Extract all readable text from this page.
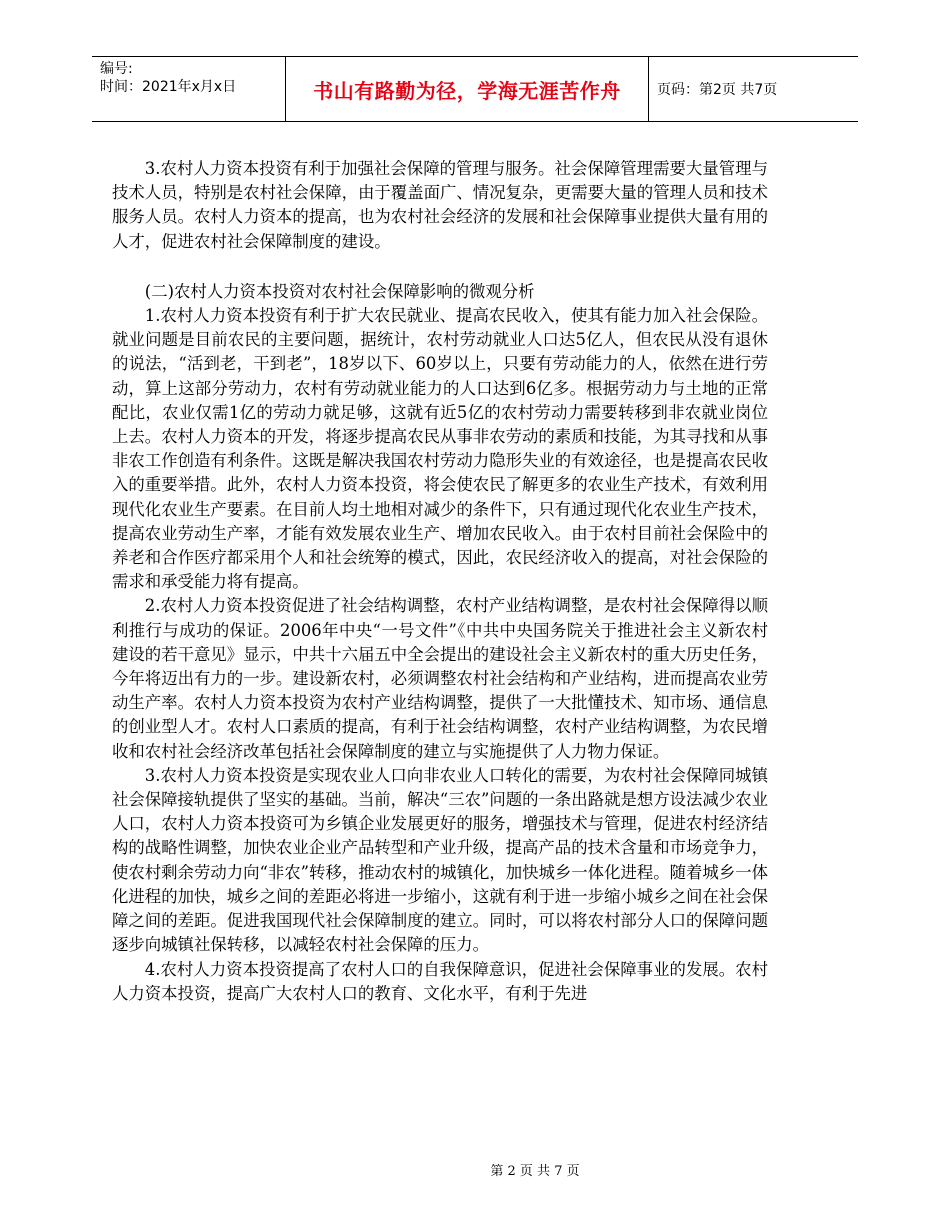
编号:
时间：2021年x月x日	书山有路勤为径，学海无涯苦作舟	页码：第2页 共7页

3.农村人力资本投资有利于加强社会保障的管理与服务。社会保障管理需要大量管理与技术人员，特别是农村社会保障，由于覆盖面广、情况复杂，更需要大量的管理人员和技术服务人员。农村人力资本的提高，也为农村社会经济的发展和社会保障事业提供大量有用的人才，促进农村社会保障制度的建设。

(二)农村人力资本投资对农村社会保障影响的微观分析

1.农村人力资本投资有利于扩大农民就业、提高农民收入，使其有能力加入社会保险。就业问题是目前农民的主要问题，据统计，农村劳动就业人口达5亿人，但农民从没有退休的说法，“活到老，干到老”，18岁以下、60岁以上，只要有劳动能力的人，依然在进行劳动，算上这部分劳动力，农村有劳动就业能力的人口达到6亿多。根据劳动力与土地的正常配比，农业仅需1亿的劳动力就足够，这就有近5亿的农村劳动力需要转移到非农就业岗位上去。农村人力资本的开发，将逐步提高农民从事非农劳动的素质和技能，为其寻找和从事非农工作创造有利条件。这既是解决我国农村劳动力隐形失业的有效途径，也是提高农民收入的重要举措。此外，农村人力资本投资，将会使农民了解更多的农业生产技术，有效利用现代化农业生产要素。在目前人均土地相对减少的条件下，只有通过现代化农业生产技术，提高农业劳动生产率，才能有效发展农业生产、增加农民收入。由于农村目前社会保险中的养老和合作医疗都采用个人和社会统筹的模式，因此，农民经济收入的提高，对社会保险的需求和承受能力将有提高。

2.农村人力资本投资促进了社会结构调整，农村产业结构调整，是农村社会保障得以顺利推行与成功的保证。2006年中央“一号文件”《中共中央国务院关于推进社会主义新农村建设的若干意见》显示，中共十六届五中全会提出的建设社会主义新农村的重大历史任务，今年将迈出有力的一步。建设新农村，必须调整农村社会结构和产业结构，进而提高农业劳动生产率。农村人力资本投资为农村产业结构调整，提供了一大批懂技术、知市场、通信息的创业型人才。农村人口素质的提高，有利于社会结构调整，农村产业结构调整，为农民增收和农村社会经济改革包括社会保障制度的建立与实施提供了人力物力保证。

3.农村人力资本投资是实现农业人口向非农业人口转化的需要，为农村社会保障同城镇社会保障接轨提供了坚实的基础。当前，解决“三农”问题的一条出路就是想方设法减少农业人口，农村人力资本投资可为乡镇企业发展更好的服务，增强技术与管理，促进农村经济结构的战略性调整，加快农业企业产品转型和产业升级，提高产品的技术含量和市场竞争力，使农村剩余劳动力向“非农”转移，推动农村的城镇化，加快城乡一体化进程。随着城乡一体化进程的加快，城乡之间的差距必将进一步缩小，这就有利于进一步缩小城乡之间在社会保障之间的差距。促进我国现代社会保障制度的建立。同时，可以将农村部分人口的保障问题逐步向城镇社保转移，以减轻农村社会保障的压力。

4.农村人力资本投资提高了农村人口的自我保障意识，促进社会保障事业的发展。农村人力资本投资，提高广大农村人口的教育、文化水平，有利于先进

第 2 页 共 7 页
